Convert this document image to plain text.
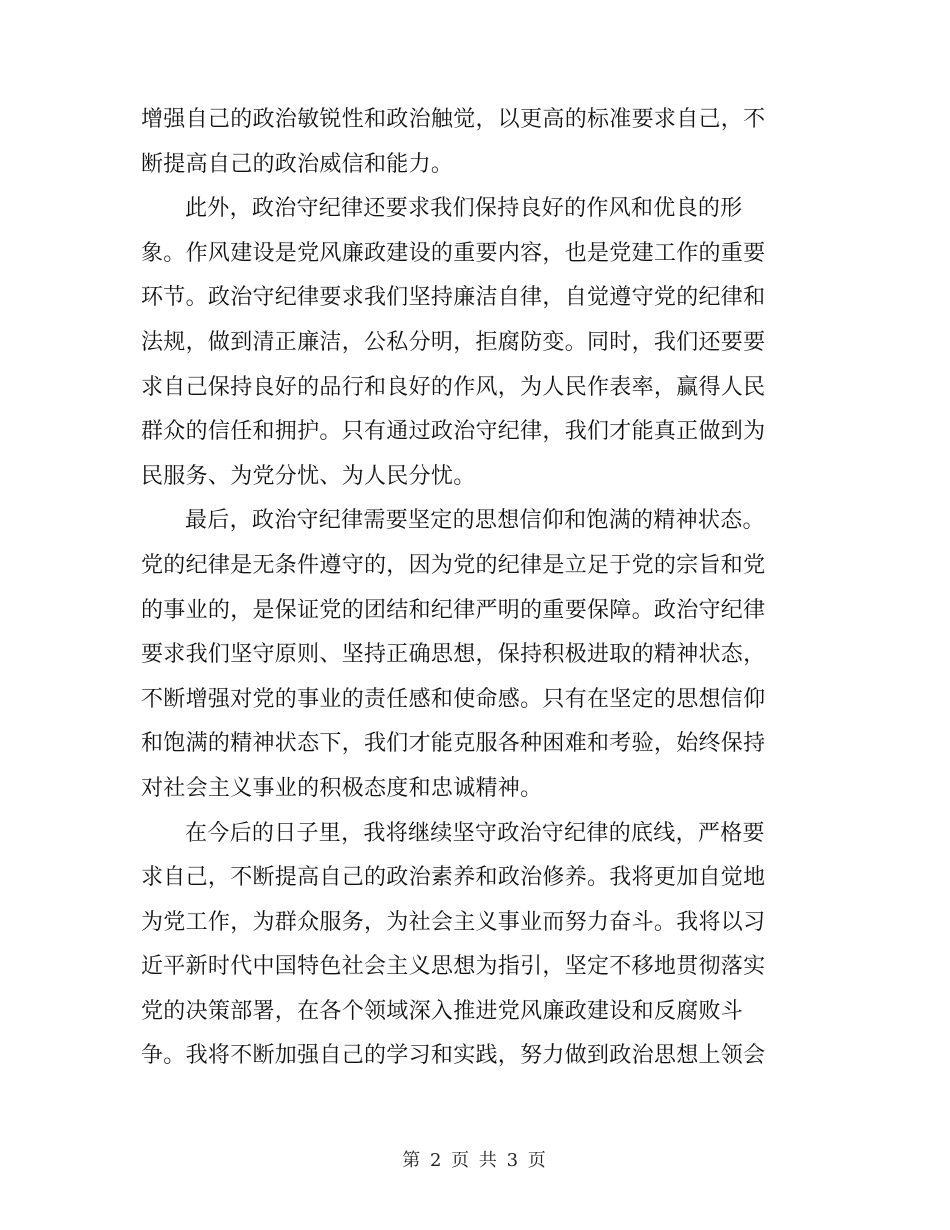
增强自己的政治敏锐性和政治触觉，以更高的标准要求自己，不
断提高自己的政治威信和能力。

此外，政治守纪律还要求我们保持良好的作风和优良的形
象。作风建设是党风廉政建设的重要内容，也是党建工作的重要
环节。政治守纪律要求我们坚持廉洁自律，自觉遵守党的纪律和
法规，做到清正廉洁，公私分明，拒腐防变。同时，我们还要要
求自己保持良好的品行和良好的作风，为人民作表率，赢得人民
群众的信任和拥护。只有通过政治守纪律，我们才能真正做到为
民服务、为党分忧、为人民分忧。

最后，政治守纪律需要坚定的思想信仰和饱满的精神状态。
党的纪律是无条件遵守的，因为党的纪律是立足于党的宗旨和党
的事业的，是保证党的团结和纪律严明的重要保障。政治守纪律
要求我们坚守原则、坚持正确思想，保持积极进取的精神状态，
不断增强对党的事业的责任感和使命感。只有在坚定的思想信仰
和饱满的精神状态下，我们才能克服各种困难和考验，始终保持
对社会主义事业的积极态度和忠诚精神。

在今后的日子里，我将继续坚守政治守纪律的底线，严格要
求自己，不断提高自己的政治素养和政治修养。我将更加自觉地
为党工作，为群众服务，为社会主义事业而努力奋斗。我将以习
近平新时代中国特色社会主义思想为指引，坚定不移地贯彻落实
党的决策部署，在各个领域深入推进党风廉政建设和反腐败斗
争。我将不断加强自己的学习和实践，努力做到政治思想上领会

第 2 页 共 3 页
